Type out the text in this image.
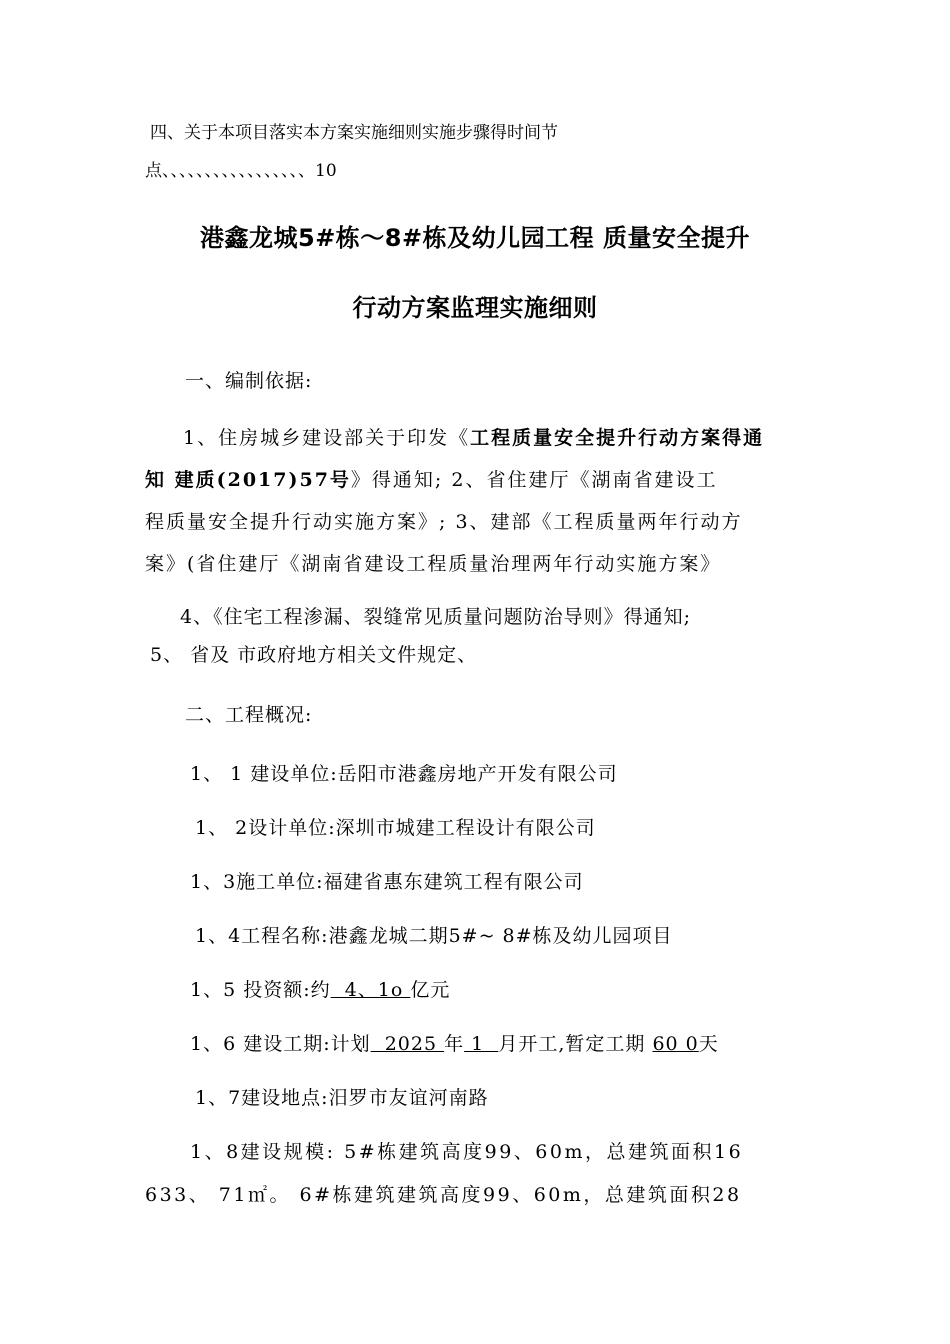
四、关于本项目落实本方案实施细则实施步骤得时间节
点、、、、、、、、、、、、、、、、、10
港鑫龙城5#栋～8#栋及幼儿园工程 质量安全提升
行动方案监理实施细则
一、编制依据:
1、住房城乡建设部关于印发《工程质量安全提升行动方案得通
知 建质(2017)57号》得通知; 2、省住建厅《湖南省建设工
程质量安全提升行动实施方案》; 3、建部《工程质量两年行动方
案》(省住建厅《湖南省建设工程质量治理两年行动实施方案》
4、《住宅工程渗漏、裂缝常见质量问题防治导则》得通知;
5、 省及 市政府地方相关文件规定、
二、工程概况:
1、 1 建设单位:岳阳市港鑫房地产开发有限公司
1、 2设计单位:深圳市城建工程设计有限公司
1、3施工单位:福建省惠东建筑工程有限公司
1、4工程名称:港鑫龙城二期5#~ 8#栋及幼儿园项目
1、5 投资额:约  4、1ο 亿元
1、6 建设工期:计划  2025 年 1  月开工,暂定工期 60 0天
1、7建设地点:汨罗市友谊河南路
1、8建设规模: 5#栋建筑高度99、60m，总建筑面积16
633、 71㎡。 6#栋建筑建筑高度99、60m，总建筑面积28
